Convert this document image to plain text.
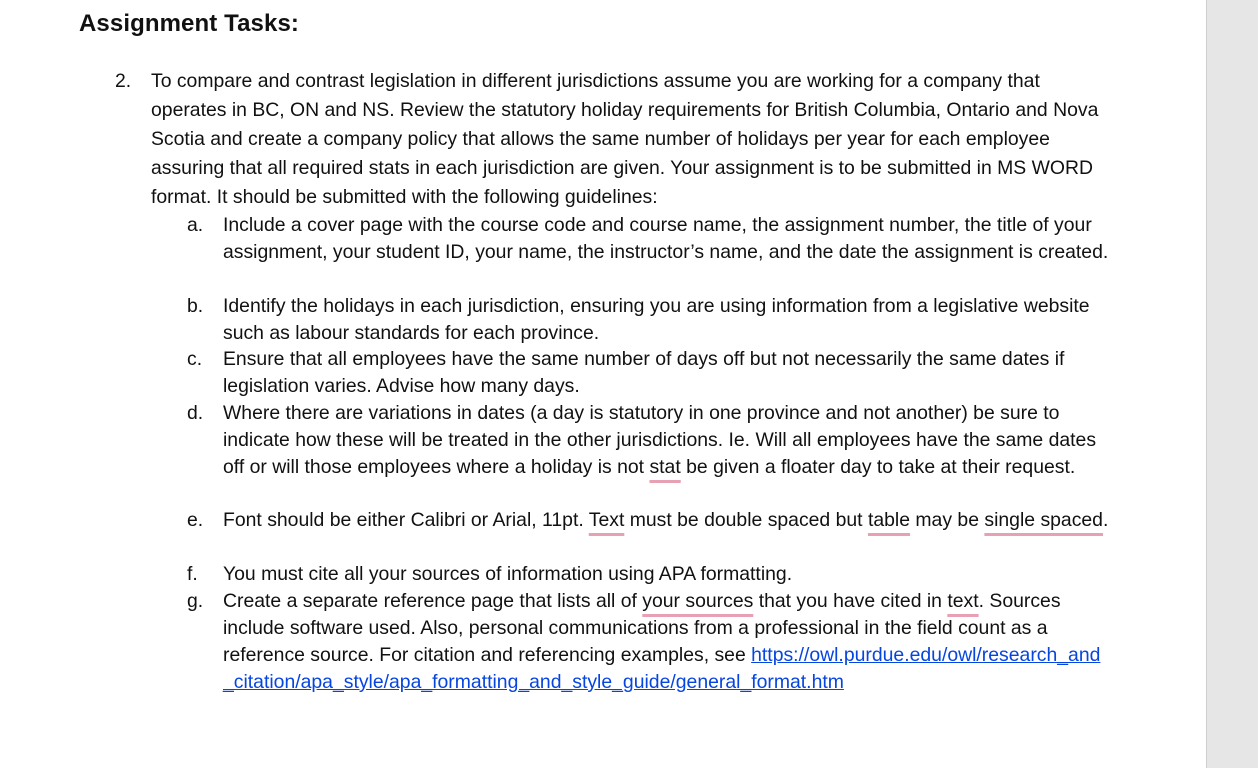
Assignment Tasks:
2. To compare and contrast legislation in different jurisdictions assume you are working for a company that operates in BC, ON and NS. Review the statutory holiday requirements for British Columbia, Ontario and Nova Scotia and create a company policy that allows the same number of holidays per year for each employee assuring that all required stats in each jurisdiction are given. Your assignment is to be submitted in MS WORD format. It should be submitted with the following guidelines:
a. Include a cover page with the course code and course name, the assignment number, the title of your assignment, your student ID, your name, the instructor’s name, and the date the assignment is created.
b. Identify the holidays in each jurisdiction, ensuring you are using information from a legislative website such as labour standards for each province.
c. Ensure that all employees have the same number of days off but not necessarily the same dates if legislation varies. Advise how many days.
d. Where there are variations in dates (a day is statutory in one province and not another) be sure to indicate how these will be treated in the other jurisdictions. Ie. Will all employees have the same dates off or will those employees where a holiday is not stat be given a floater day to take at their request.
e. Font should be either Calibri or Arial, 11pt. Text must be double spaced but table may be single spaced.
f. You must cite all your sources of information using APA formatting.
g. Create a separate reference page that lists all of your sources that you have cited in text. Sources include software used. Also, personal communications from a professional in the field count as a reference source. For citation and referencing examples, see https://owl.purdue.edu/owl/research_and_citation/apa_style/apa_formatting_and_style_guide/general_format.htm
